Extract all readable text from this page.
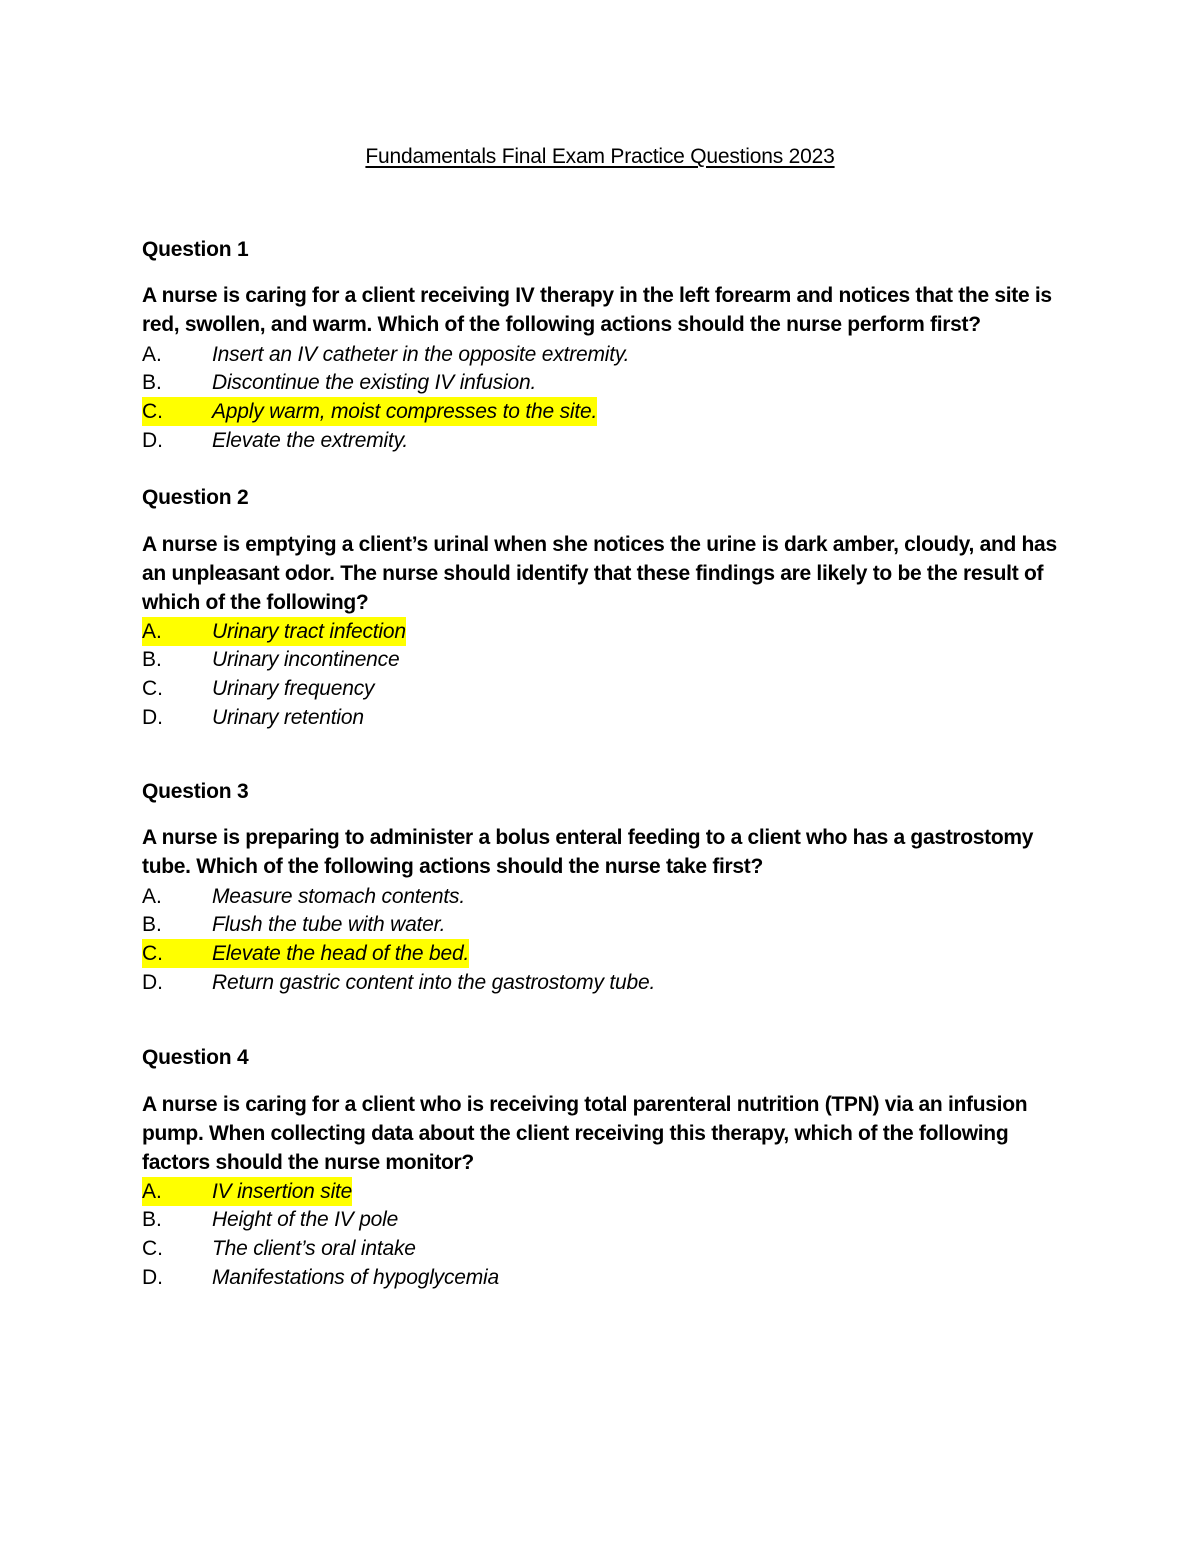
Fundamentals Final Exam Practice Questions 2023
Question 1
A nurse is caring for a client receiving IV therapy in the left forearm and notices that the site is red, swollen, and warm. Which of the following actions should the nurse perform first?
A. Insert an IV catheter in the opposite extremity.
B. Discontinue the existing IV infusion.
C.	Apply warm, moist compresses to the site.
D. Elevate the extremity.
Question 2
A nurse is emptying a client’s urinal when she notices the urine is dark amber, cloudy, and has an unpleasant odor. The nurse should identify that these findings are likely to be the result of which of the following?
A.	Urinary tract infection
B. Urinary incontinence
C. Urinary frequency
D. Urinary retention
Question 3
A nurse is preparing to administer a bolus enteral feeding to a client who has a gastrostomy tube. Which of the following actions should the nurse take first?
A. Measure stomach contents.
B. Flush the tube with water.
C.	Elevate the head of the bed.
D. Return gastric content into the gastrostomy tube.
Question 4
A nurse is caring for a client who is receiving total parenteral nutrition (TPN) via an infusion pump. When collecting data about the client receiving this therapy, which of the following factors should the nurse monitor?
A.	IV insertion site
B. Height of the IV pole
C. The client’s oral intake
D. Manifestations of hypoglycemia
